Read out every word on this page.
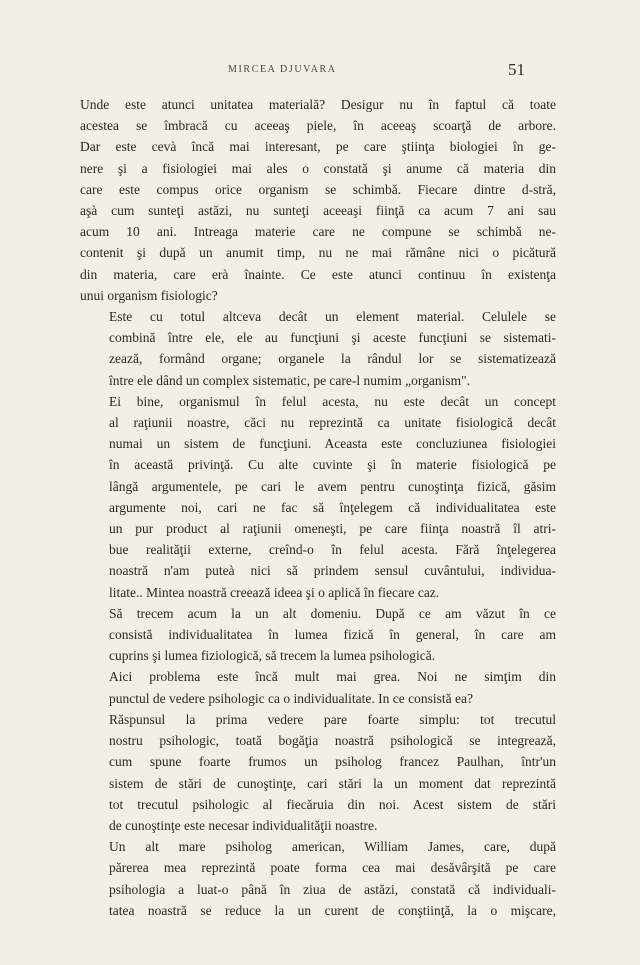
MIRCEA DJUVARA	51

Unde este atunci unitatea materială? Desigur nu în faptul că toate
acestea se îmbracă cu aceeaş piele, în aceeaş scoarţă de arbore.
Dar este cevà încă mai interesant, pe care ştiinţa biologiei în ge-
nere şi a fisiologiei mai ales o constată şi anume că materia din
care este compus orice organism se schimbă. Fiecare dintre d-stră,
aşà cum sunteţi astăzi, nu sunteţi aceeaşi fiinţă ca acum 7 ani sau
acum 10 ani. Intreaga materie care ne compune se schimbă ne-
contenit şi după un anumit timp, nu ne mai rămâne nici o picătură
din materia, care erà înainte. Ce este atunci continuu în existenţa
unui organism fisiologic?

Este cu totul altceva decât un element material. Celulele se
combină între ele, ele au funcţiuni şi aceste funcţiuni se sistemati-
zează, formând organe; organele la rândul lor se sistematizează
între ele dând un complex sistematic, pe care-l numim „organism".

Ei bine, organismul în felul acesta, nu este decât un concept
al raţiunii noastre, căci nu reprezintă ca unitate fisiologică decât
numai un sistem de funcţiuni. Aceasta este concluziunea fisiologiei
în această privinţă. Cu alte cuvinte şi în materie fisiologică pe
lângă argumentele, pe cari le avem pentru cunoştinţa fizică, găsim
argumente noi, cari ne fac să înţelegem că individualitatea este
un pur product al raţiunii omeneşti, pe care fiinţa noastră îl atri-
bue realităţii externe, creînd-o în felul acesta. Fără înţelegerea
noastră n'am puteà nici să prindem sensul cuvântului, individua-
litate.. Mintea noastră creează ideea şi o aplică în fiecare caz.

Să trecem acum la un alt domeniu. După ce am văzut în ce
consistă individualitatea în lumea fizică în general, în care am
cuprins şi lumea fiziologică, să trecem la lumea psihologică.

Aici problema este încă mult mai grea. Noi ne simţim din
punctul de vedere psihologic ca o individualitate. In ce consistă ea?

Răspunsul la prima vedere pare foarte simplu: tot trecutul
nostru psihologic, toată bogăţia noastră psihologică se integrează,
cum spune foarte frumos un psiholog francez Paulhan, într'un
sistem de stări de cunoştinţe, cari stări la un moment dat reprezintă
tot trecutul psihologic al fiecăruia din noi. Acest sistem de stări
de cunoştinţe este necesar individualităţii noastre.

Un alt mare psiholog american, William James, care, după
părerea mea reprezintă poate forma cea mai desăvârşită pe care
psihologia a luat-o până în ziua de astăzi, constată că individuali-
tatea noastră se reduce la un curent de conştiinţă, la o mişcare,
